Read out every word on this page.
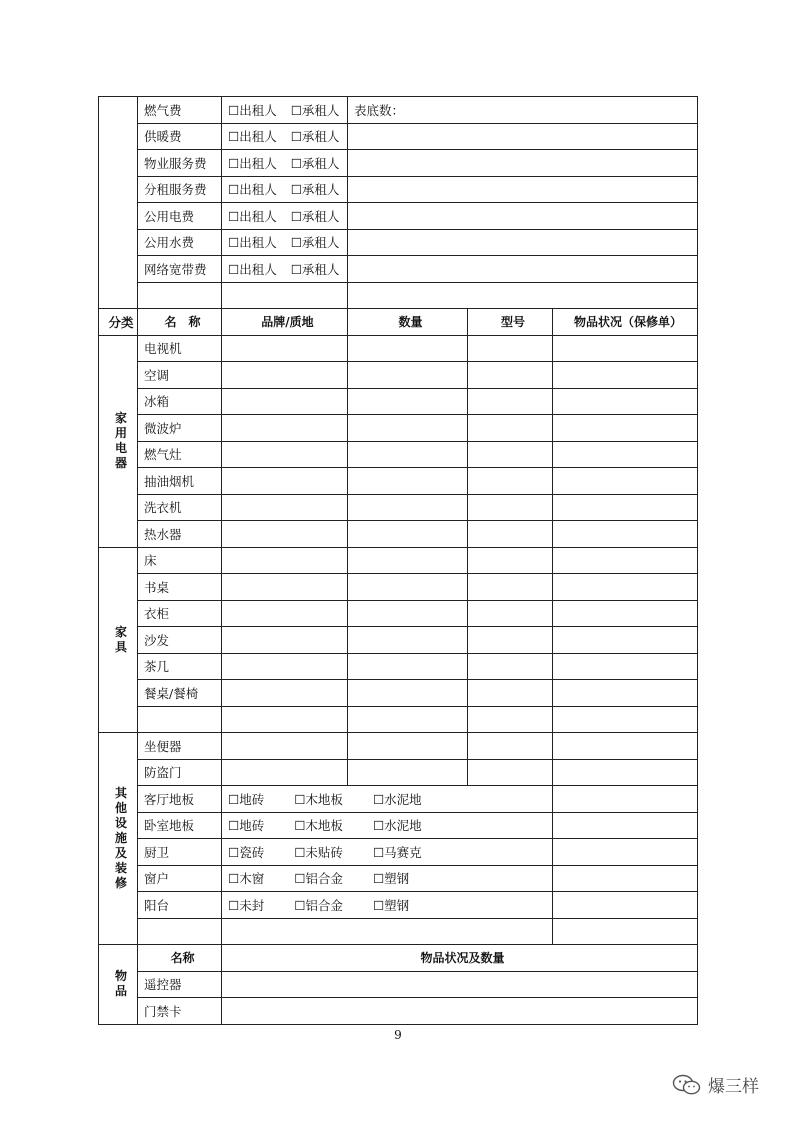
	燃气费	☐出租人 ☐承租人	表底数：		
	供暖费	☐出租人 ☐承租人			
	物业服务费	☐出租人 ☐承租人			
	分租服务费	☐出租人 ☐承租人			
	公用电费	☐出租人 ☐承租人			
	公用水费	☐出租人 ☐承租人			
	网络宽带费	☐出租人 ☐承租人			

分类	名　称	品牌/质地	数量	型号	物品状况（保修单）
家用电器	电视机				
	空调				
	冰箱				
	微波炉				
	燃气灶				
	抽油烟机				
	洗衣机				
	热水器				
家具	床				
	书桌				
	衣柜				
	沙发				
	茶几				
	餐桌/餐椅				

其他设施及装修	坐便器				
	防盗门				
	客厅地板	☐地砖 ☐木地板 ☐水泥地			
	卧室地板	☐地砖 ☐木地板 ☐水泥地			
	厨卫	☐瓷砖 ☐未贴砖 ☐马赛克			
	窗户	☐木窗 ☐铝合金 ☐塑钢			
	阳台	☐未封 ☐铝合金 ☐塑钢			

物品	名称	物品状况及数量			
	遥控器				
	门禁卡				
9
爆三样
